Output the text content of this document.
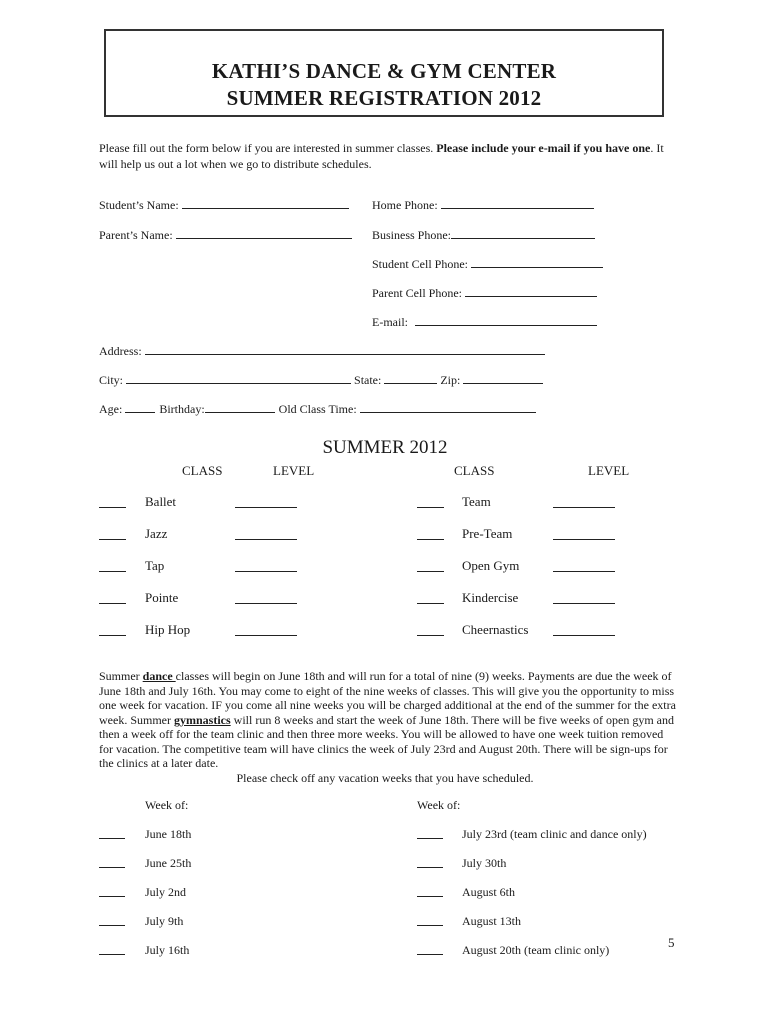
KATHI’S DANCE & GYM CENTER
SUMMER REGISTRATION 2012
Please fill out the form below if you are interested in summer classes. Please include your e-mail if you have one. It will help us out a lot when we go to distribute schedules.
Student’s Name:	Home Phone:
Parent’s Name:	Business Phone:
Student Cell Phone:
Parent Cell Phone:
E-mail:
Address:
City:	State:	Zip:
Age:	Birthday:	Old Class Time:
SUMMER 2012
CLASS	LEVEL	CLASS	LEVEL
Ballet	Team
Jazz	Pre-Team
Tap	Open Gym
Pointe	Kindercise
Hip Hop	Cheernastics
Summer dance classes will begin on June 18th and will run for a total of nine (9) weeks. Payments are due the week of June 18th and July 16th. You may come to eight of the nine weeks of classes. This will give you the opportunity to miss one week for vacation. IF you come all nine weeks you will be charged additional at the end of the summer for the extra week. Summer gymnastics will run 8 weeks and start the week of June 18th. There will be five weeks of open gym and then a week off for the team clinic and then three more weeks. You will be allowed to have one week tuition removed for vacation. The competitive team will have clinics the week of July 23rd and August 20th. There will be sign-ups for the clinics at a later date.
Please check off any vacation weeks that you have scheduled.
Week of:	Week of:
June 18th	July 23rd (team clinic and dance only)
June 25th	July 30th
July 2nd	August 6th
July 9th	August 13th
July 16th	August 20th (team clinic only)	5
